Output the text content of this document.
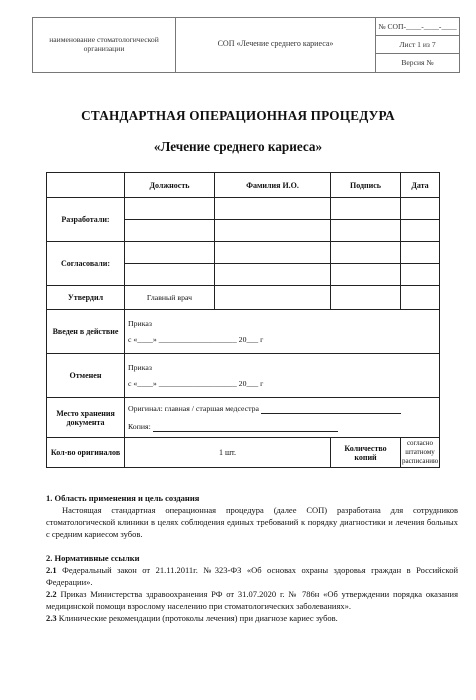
наименование стоматологической организации
СОП «Лечение среднего кариеса»
№ СОП-____-____-____
Лист 1 из 7
Версия №
СТАНДАРТНАЯ ОПЕРАЦИОННАЯ ПРОЦЕДУРА
«Лечение среднего кариеса»
	Должность	Фамилия И.О.	Подпись	Дата
Разработали:				

Согласовали:				

Утвердил	Главный врач			
Введен в действие	Приказ
с «____» ____________________ 20___ г			

Отменен	Приказ
с «____» ____________________ 20___ г			

Место хранения документа	Оригинал: главная / старшая медсестра
Копия:			

Кол-во оригиналов	1 шт.		Количество копий	согласно штатному расписанию

1. Область применения и цель создания

Настоящая стандартная операционная процедура (далее СОП) разработана для сотрудников стоматологической клиники в целях соблюдения единых требований к порядку диагностики и лечения больных с средним кариесом зубов.

2. Нормативные ссылки

2.1 Федеральный закон от 21.11.2011г. №323-ФЗ «Об основах охраны здоровья граждан в Российской Федерации».

2.2 Приказ Министерства здравоохранения РФ от 31.07.2020 г. № 786н «Об утверждении порядка оказания медицинской помощи взрослому населению при стоматологических заболеваниях».

2.3 Клинические рекомендации (протоколы лечения) при диагнозе кариес зубов.
